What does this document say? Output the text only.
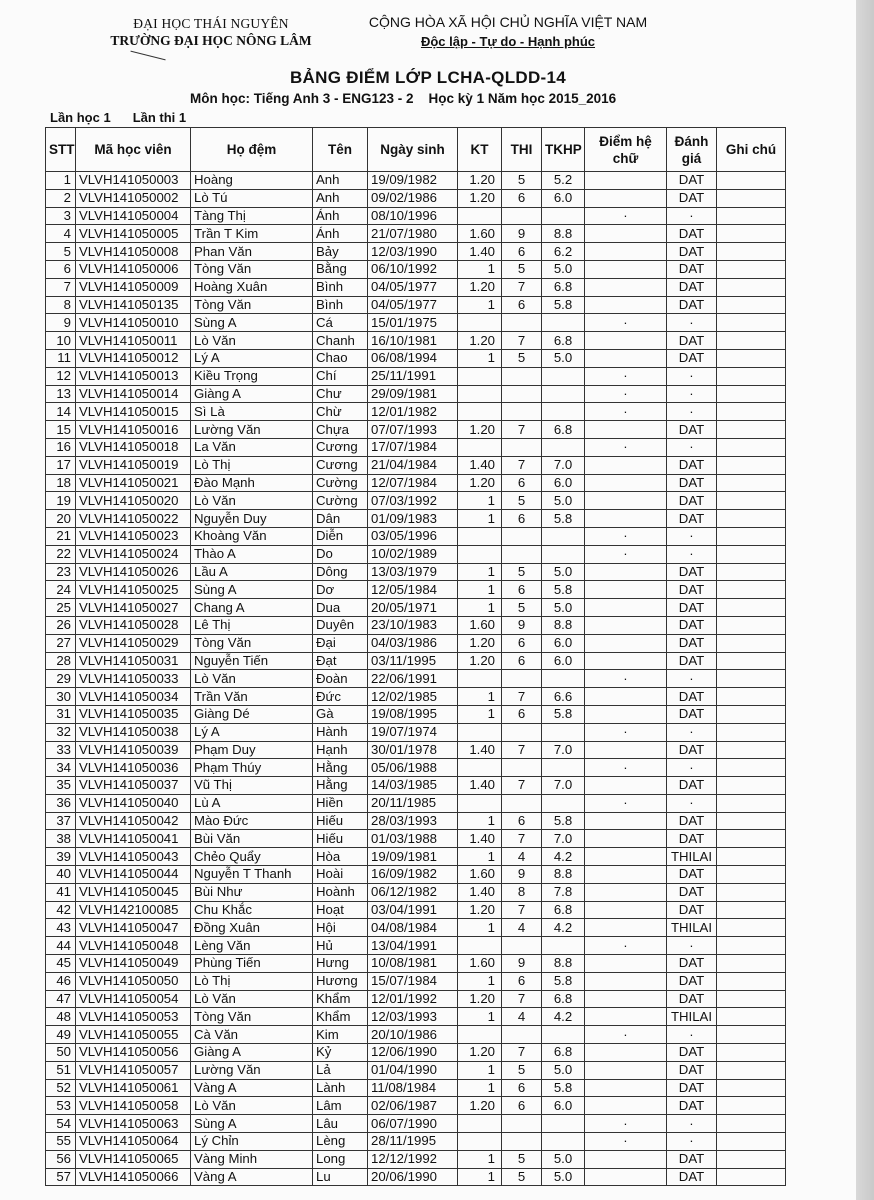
ĐẠI HỌC THÁI NGUYÊN
TRƯỜNG ĐẠI HỌC NÔNG LÂM
CỘNG HÒA XÃ HỘI CHỦ NGHĨA VIỆT NAM
Độc lập - Tự do - Hạnh phúc
BẢNG ĐIỂM LỚP LCHA-QLDD-14
Môn học: Tiếng Anh 3 - ENG123 - 2 Học kỳ 1 Năm học 2015_2016
Lần học 1 Lần thi 1
STT	Mã học viên	Họ đệm	Tên	Ngày sinh	KT	THI	TKHP	Điểm hệ chữ	Đánh giá	Ghi chú
1	VLVH141050003	Hoàng	Anh	19/09/1982	1.20	5	5.2		DAT	
2	VLVH141050002	Lò Tú	Anh	09/02/1986	1.20	6	6.0		DAT	
3	VLVH141050004	Tàng Thị	Ánh	08/10/1996				·	·	
4	VLVH141050005	Trần T Kim	Ánh	21/07/1980	1.60	9	8.8		DAT	
5	VLVH141050008	Phan Văn	Bảy	12/03/1990	1.40	6	6.2		DAT	
6	VLVH141050006	Tòng Văn	Bằng	06/10/1992	1	5	5.0		DAT	
7	VLVH141050009	Hoàng Xuân	Bình	04/05/1977	1.20	7	6.8		DAT	
8	VLVH141050135	Tòng Văn	Bình	04/05/1977	1	6	5.8		DAT	
9	VLVH141050010	Sùng A	Cá	15/01/1975				·	·	
10	VLVH141050011	Lò Văn	Chanh	16/10/1981	1.20	7	6.8		DAT	
11	VLVH141050012	Lý A	Chao	06/08/1994	1	5	5.0		DAT	
12	VLVH141050013	Kiều Trọng	Chí	25/11/1991				·	·	
13	VLVH141050014	Giàng A	Chư	29/09/1981				·	·	
14	VLVH141050015	Sì Là	Chừ	12/01/1982				·	·	
15	VLVH141050016	Lường Văn	Chựa	07/07/1993	1.20	7	6.8		DAT	
16	VLVH141050018	La Văn	Cương	17/07/1984				·	·	
17	VLVH141050019	Lò Thị	Cương	21/04/1984	1.40	7	7.0		DAT	
18	VLVH141050021	Đào Mạnh	Cường	12/07/1984	1.20	6	6.0		DAT	
19	VLVH141050020	Lò Văn	Cường	07/03/1992	1	5	5.0		DAT	
20	VLVH141050022	Nguyễn Duy	Dân	01/09/1983	1	6	5.8		DAT	
21	VLVH141050023	Khoàng Văn	Diễn	03/05/1996				·	·	
22	VLVH141050024	Thào A	Do	10/02/1989				·	·	
23	VLVH141050026	Lầu A	Dông	13/03/1979	1	5	5.0		DAT	
24	VLVH141050025	Sùng A	Dơ	12/05/1984	1	6	5.8		DAT	
25	VLVH141050027	Chang A	Dua	20/05/1971	1	5	5.0		DAT	
26	VLVH141050028	Lê Thị	Duyên	23/10/1983	1.60	9	8.8		DAT	
27	VLVH141050029	Tòng Văn	Đại	04/03/1986	1.20	6	6.0		DAT	
28	VLVH141050031	Nguyễn Tiến	Đạt	03/11/1995	1.20	6	6.0		DAT	
29	VLVH141050033	Lò Văn	Đoàn	22/06/1991				·	·	
30	VLVH141050034	Trần Văn	Đức	12/02/1985	1	7	6.6		DAT	
31	VLVH141050035	Giàng Dé	Gà	19/08/1995	1	6	5.8		DAT	
32	VLVH141050038	Lý A	Hành	19/07/1974				·	·	
33	VLVH141050039	Phạm Duy	Hạnh	30/01/1978	1.40	7	7.0		DAT	
34	VLVH141050036	Phạm Thúy	Hằng	05/06/1988				·	·	
35	VLVH141050037	Vũ Thị	Hằng	14/03/1985	1.40	7	7.0		DAT	
36	VLVH141050040	Lù A	Hiền	20/11/1985				·	·	
37	VLVH141050042	Mào Đức	Hiếu	28/03/1993	1	6	5.8		DAT	
38	VLVH141050041	Bùi Văn	Hiếu	01/03/1988	1.40	7	7.0		DAT	
39	VLVH141050043	Chẻo Quẩy	Hòa	19/09/1981	1	4	4.2		THILAI	
40	VLVH141050044	Nguyễn T Thanh	Hoài	16/09/1982	1.60	9	8.8		DAT	
41	VLVH141050045	Bùi Như	Hoành	06/12/1982	1.40	8	7.8		DAT	
42	VLVH142100085	Chu Khắc	Hoạt	03/04/1991	1.20	7	6.8		DAT	
43	VLVH141050047	Đồng Xuân	Hội	04/08/1984	1	4	4.2		THILAI	
44	VLVH141050048	Lèng Văn	Hủ	13/04/1991				·	·	
45	VLVH141050049	Phùng Tiến	Hưng	10/08/1981	1.60	9	8.8		DAT	
46	VLVH141050050	Lò Thị	Hương	15/07/1984	1	6	5.8		DAT	
47	VLVH141050054	Lò Văn	Khẩm	12/01/1992	1.20	7	6.8		DAT	
48	VLVH141050053	Tòng Văn	Khẩm	12/03/1993	1	4	4.2		THILAI	
49	VLVH141050055	Cà Văn	Kim	20/10/1986				·	·	
50	VLVH141050056	Giàng A	Kỷ	12/06/1990	1.20	7	6.8		DAT	
51	VLVH141050057	Lường Văn	Lả	01/04/1990	1	5	5.0		DAT	
52	VLVH141050061	Vàng A	Lành	11/08/1984	1	6	5.8		DAT	
53	VLVH141050058	Lò Văn	Lâm	02/06/1987	1.20	6	6.0		DAT	
54	VLVH141050063	Sùng A	Lâu	06/07/1990				·	·	
55	VLVH141050064	Lý Chỉn	Lèng	28/11/1995				·	·	
56	VLVH141050065	Vàng Minh	Long	12/12/1992	1	5	5.0		DAT	
57	VLVH141050066	Vàng A	Lu	20/06/1990	1	5	5.0		DAT	
